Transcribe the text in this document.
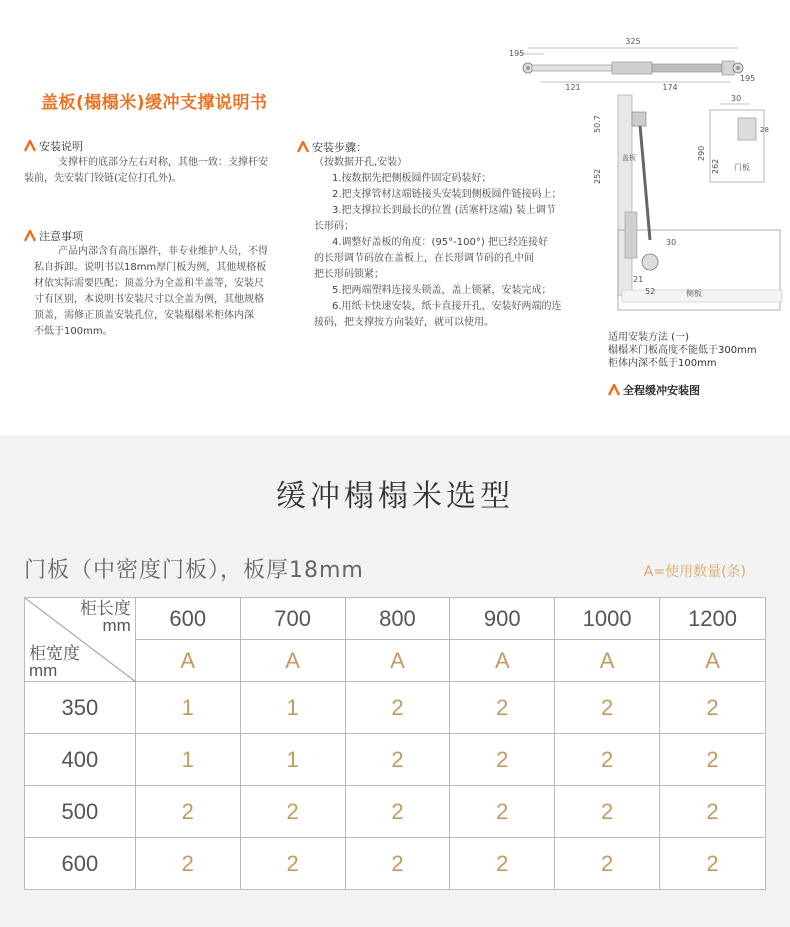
盖板(榻榻米)缓冲支撑说明书
安装说明

支撑杆的底部分左右对称，其他一致：支撑杆安

装前，先安装门铰链(定位打孔外)。

注意事项

产品内部含有高压器件，非专业维护人员，不得

私自拆卸。说明书以18mm厚门板为例，其他规格板

材依实际需要匹配；顶盖分为全盖和半盖等，安装尺

寸有区别，本说明书安装尺寸以全盖为例，其他规格

顶盖，需修正顶盖安装孔位，安装榻榻米柜体内深

不低于100mm。

安装步骤：

（按数据开孔,安装）

1.按数据先把侧板圆件固定码装好；

2.把支撑管材这端链接头安装到侧板圆件链接码上；

3.把支撑拉长到最长的位置 (活塞杆这端) 装上调节

长形码；

4.调整好盖板的角度：(95°-100°) 把已经连接好

的长形调节码放在盖板上，在长形调节码的孔中间

把长形码锁紧；

5.把两端塑料连接头锁盖，盖上锁紧，安装完成；

6.用纸卡快速安装，纸卡直接开孔，安装好两端的连

接码，把支撑按方向装好，就可以使用。

325
195
121	174
195
50.7
252
盖板
30
21
52	侧板
30
28
290
262 门板
适用安装方法 (一)
榻榻米门板高度不能低于300mm
柜体内深不低于100mm
全程缓冲安装图
缓冲榻榻米选型
门板（中密度门板），板厚18mm	A=使用数量(条)
柜长度
mm
柜宽度
mm	600	700	800	900	1000	1200
	A	A	A	A	A	A
350	1	1	2	2	2	2
400	1	1	2	2	2	2
500	2	2	2	2	2	2
600	2	2	2	2	2	2
